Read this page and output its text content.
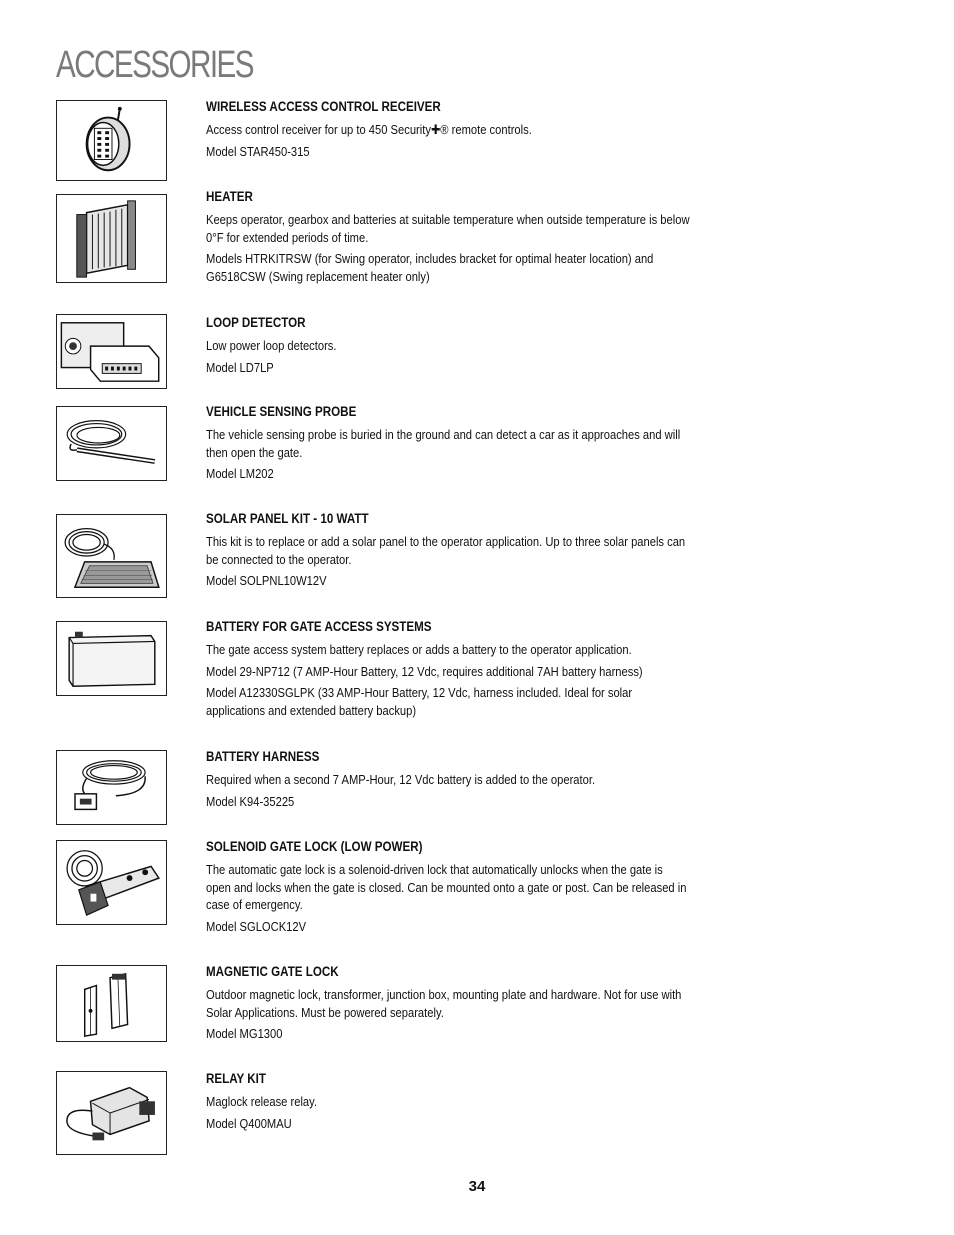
ACCESSORIES
WIRELESS ACCESS CONTROL RECEIVER
Access control receiver for up to 450 Security✚® remote controls.
Model STAR450-315
HEATER
Keeps operator, gearbox and batteries at suitable temperature when outside temperature is below 0°F for extended periods of time.
Models HTRKITRSW (for Swing operator, includes bracket for optimal heater location) and G6518CSW (Swing replacement heater only)
LOOP DETECTOR
Low power loop detectors.
Model LD7LP
VEHICLE SENSING PROBE
The vehicle sensing probe is buried in the ground and can detect a car as it approaches and will then open the gate.
Model LM202
SOLAR PANEL KIT - 10 WATT
This kit is to replace or add a solar panel to the operator application. Up to three solar panels can be connected to the operator.
Model SOLPNL10W12V
BATTERY FOR GATE ACCESS SYSTEMS
The gate access system battery replaces or adds a battery to the operator application.
Model 29-NP712 (7 AMP-Hour Battery, 12 Vdc, requires additional 7AH battery harness)
Model A12330SGLPK (33 AMP-Hour Battery, 12 Vdc, harness included. Ideal for solar applications and extended battery backup)
BATTERY HARNESS
Required when a second 7 AMP-Hour, 12 Vdc battery is added to the operator.
Model K94-35225
SOLENOID GATE LOCK (LOW POWER)
The automatic gate lock is a solenoid-driven lock that automatically unlocks when the gate is open and locks when the gate is closed. Can be mounted onto a gate or post. Can be released in case of emergency.
Model SGLOCK12V
MAGNETIC GATE LOCK
Outdoor magnetic lock, transformer, junction box, mounting plate and hardware. Not for use with Solar Applications. Must be powered separately.
Model MG1300
RELAY KIT
Maglock release relay.
Model Q400MAU
34
